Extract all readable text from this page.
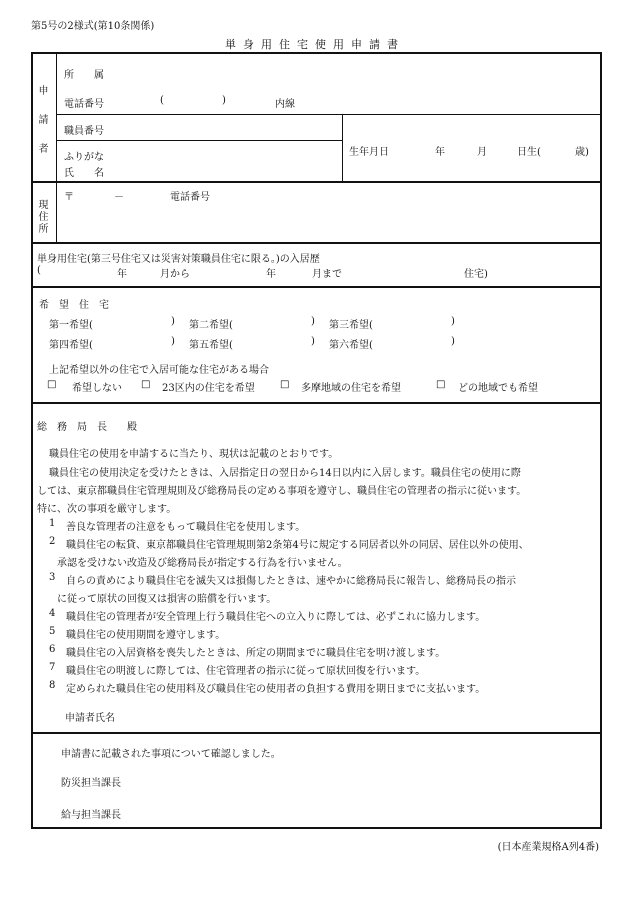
第5号の2様式(第10条関係)
単身用住宅使用申請書
申
請
者
所　　属
電話番号	(	)	内線
職員番号
ふりがな
氏　　名
生年月日	年	月	日生(	歳)
現
住
所
〒	－	電話番号
単身用住宅(第三号住宅又は災害対策職員住宅に限る。)の入居歴
(	年	月から	年	月まで	住宅)
希　望　住　宅
第一希望(	) 第二希望(	) 第三希望(	)
第四希望(	) 第五希望(	) 第六希望(	)
上記希望以外の住宅で入居可能な住宅がある場合
□ 希望しない □ 23区内の住宅を希望	□ 多摩地域の住宅を希望	□ どの地域でも希望
総　務　局　長　　殿
職員住宅の使用を申請するに当たり、現状は記載のとおりです。
職員住宅の使用決定を受けたときは、入居指定日の翌日から14日以内に入居します。職員住宅の使用に際
しては、東京都職員住宅管理規則及び総務局長の定める事項を遵守し、職員住宅の管理者の指示に従います。
特に、次の事項を厳守します。
1 善良な管理者の注意をもって職員住宅を使用します。
2 職員住宅の転貸、東京都職員住宅管理規則第2条第4号に規定する同居者以外の同居、居住以外の使用、
承認を受けない改造及び総務局長が指定する行為を行いません。
3 自らの責めにより職員住宅を滅失又は損傷したときは、速やかに総務局長に報告し、総務局長の指示
に従って原状の回復又は損害の賠償を行います。
4 職員住宅の管理者が安全管理上行う職員住宅への立入りに際しては、必ずこれに協力します。
5 職員住宅の使用期間を遵守します。
6 職員住宅の入居資格を喪失したときは、所定の期間までに職員住宅を明け渡します。
7 職員住宅の明渡しに際しては、住宅管理者の指示に従って原状回復を行います。
8 定められた職員住宅の使用料及び職員住宅の使用者の負担する費用を期日までに支払います。
申請者氏名
申請書に記載された事項について確認しました。
防災担当課長
給与担当課長
(日本産業規格A列4番)
